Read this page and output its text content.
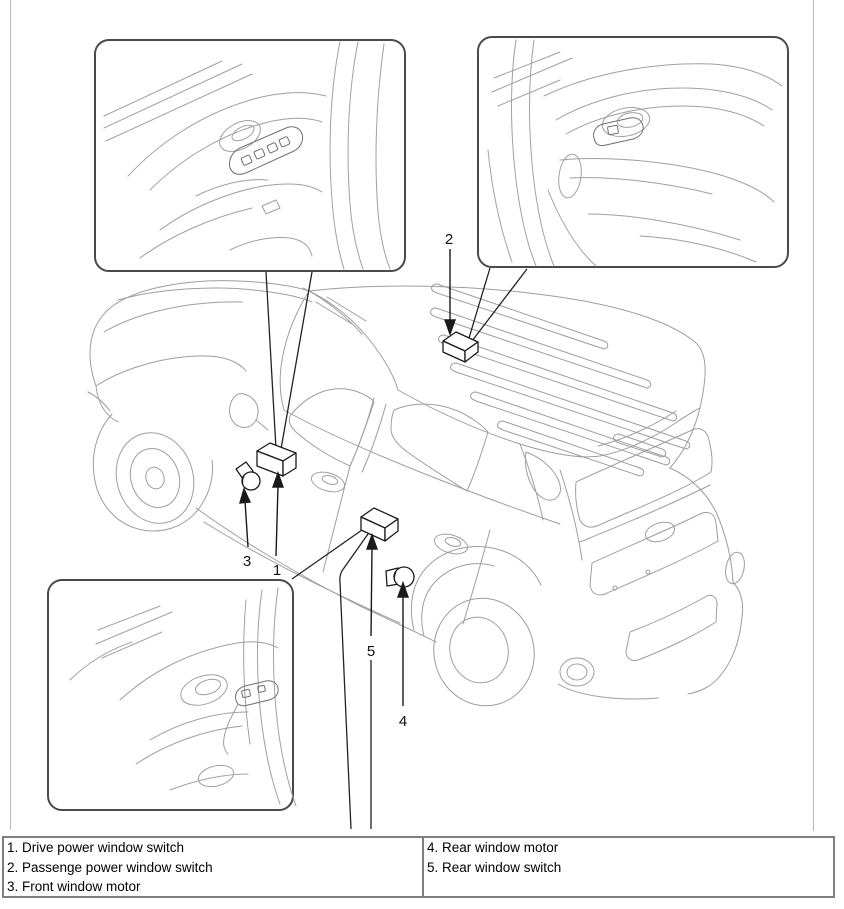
1
2
3
4
5
1. Drive power window switch
2. Passenge power window switch
3. Front window motor
4. Rear window motor
5. Rear window switch
